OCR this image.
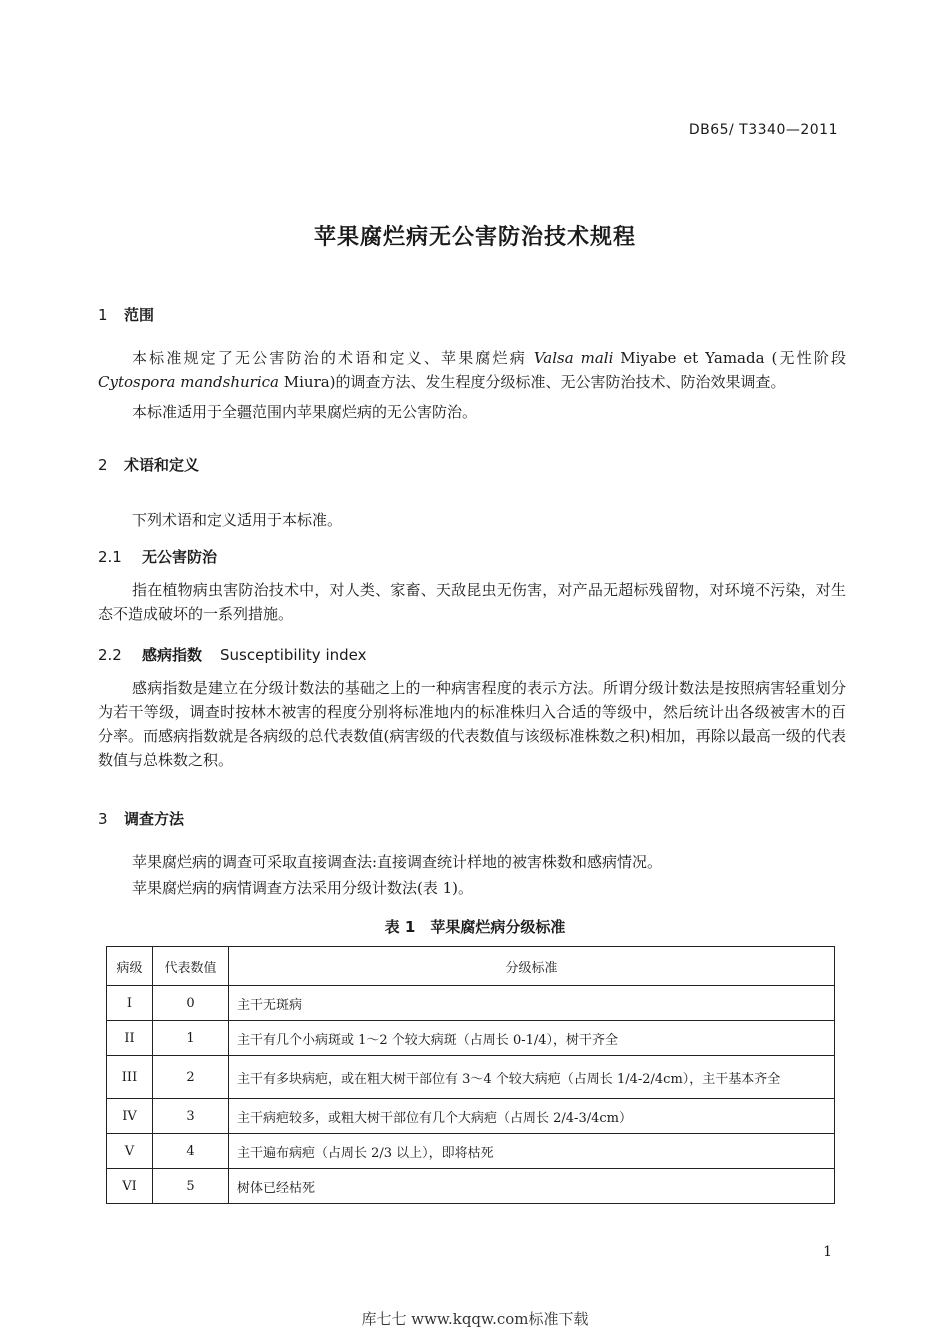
DB65/ T3340—2011
苹果腐烂病无公害防治技术规程
1 范围
本标准规定了无公害防治的术语和定义、苹果腐烂病 Valsa mali Miyabe et Yamada (无性阶段 Cytospora mandshurica Miura)的调查方法、发生程度分级标准、无公害防治技术、防治效果调查。
本标准适用于全疆范围内苹果腐烂病的无公害防治。
2 术语和定义
下列术语和定义适用于本标准。
2.1 无公害防治
指在植物病虫害防治技术中，对人类、家畜、天敌昆虫无伤害，对产品无超标残留物，对环境不污染，对生态不造成破坏的一系列措施。
2.2 感病指数 Susceptibility index
感病指数是建立在分级计数法的基础之上的一种病害程度的表示方法。所谓分级计数法是按照病害轻重划分为若干等级，调查时按林木被害的程度分别将标准地内的标准株归入合适的等级中，然后统计出各级被害木的百分率。而感病指数就是各病级的总代表数值(病害级的代表数值与该级标准株数之积)相加，再除以最高一级的代表数值与总株数之积。
3 调查方法
苹果腐烂病的调查可采取直接调查法:直接调查统计样地的被害株数和感病情况。
苹果腐烂病的病情调查方法采用分级计数法(表 1)。
表 1　苹果腐烂病分级标准
病级	代表数值	分级标准
I	0	主干无斑病
II	1	主干有几个小病斑或 1～2 个较大病斑（占周长 0-1/4），树干齐全
III	2	主干有多块病疤，或在粗大树干部位有 3～4 个较大病疤（占周长 1/4-2/4cm），主干基本齐全
IV	3	主干病疤较多，或粗大树干部位有几个大病疤（占周长 2/4-3/4cm）
V	4	主干遍布病疤（占周长 2/3 以上），即将枯死
VI	5	树体已经枯死
1
库七七 www.kqqw.com标准下载
